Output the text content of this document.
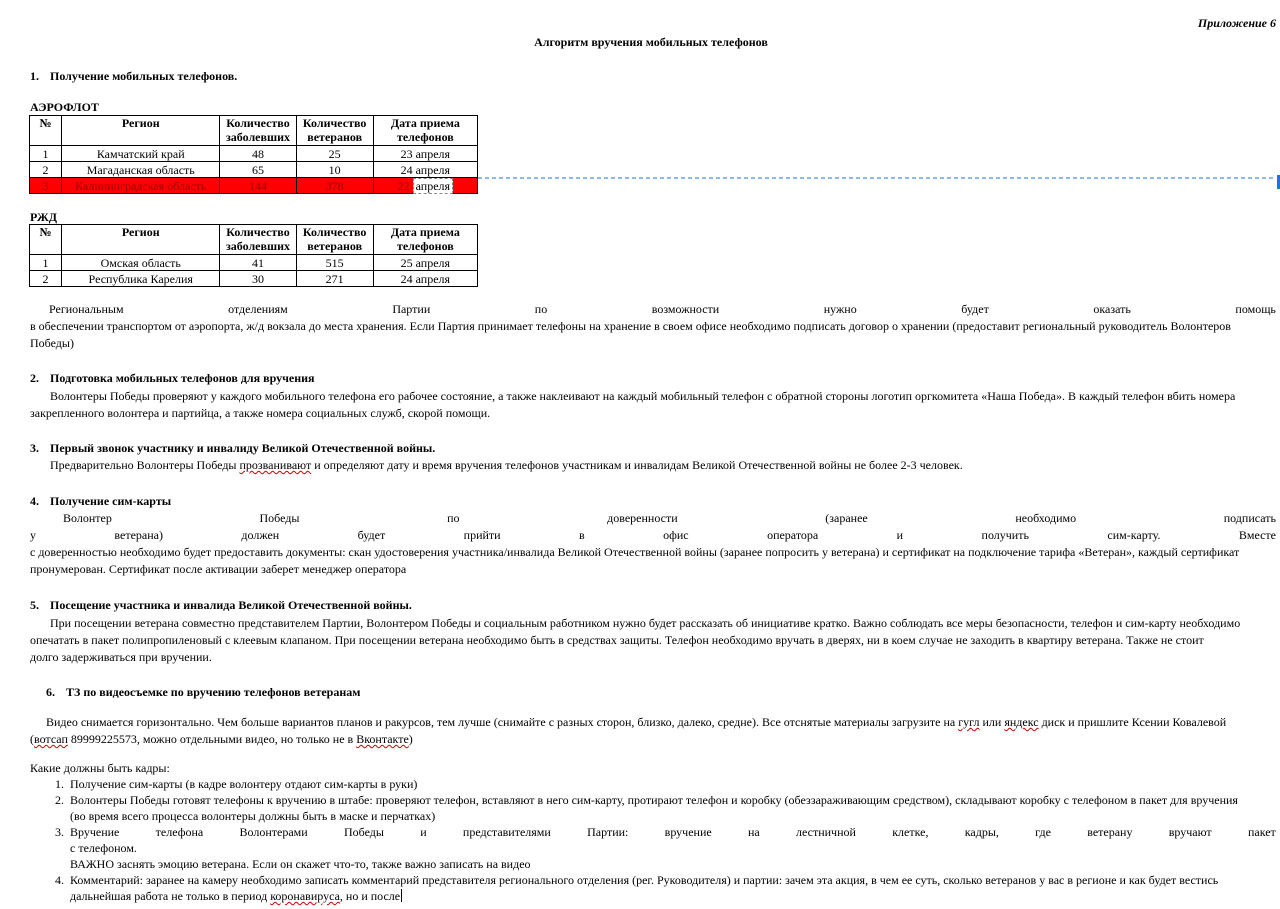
Приложение 6
Алгоритм вручения мобильных телефонов
1. Получение мобильных телефонов.
АЭРОФЛОТ
№	Регион	Количество заболевших	Количество ветеранов	Дата приема телефонов
1	Камчатский край	48	25	23 апреля
2	Магаданская область	65	10	24 апреля
3	Калининградская область	144	378	22 апреля
РЖД
№	Регион	Количество заболевших	Количество ветеранов	Дата приема телефонов
1	Омская область	41	515	25 апреля
2	Республика Карелия	30	271	24 апреля
Региональным	отделениям	Партии	по	возможности	нужно	будет	оказать	помощь
в обеспечении транспортом от аэропорта, ж/д вокзала до места хранения. Если Партия принимает телефоны на хранение в своем офисе необходимо подписать договор о хранении (предоставит региональный руководитель Волонтеров
Победы)
2. Подготовка мобильных телефонов для вручения
Волонтеры Победы проверяют у каждого мобильного телефона его рабочее состояние, а также наклеивают на каждый мобильный телефон с обратной стороны логотип оргкомитета «Наша Победа». В каждый телефон вбить номера
закрепленного волонтера и партийца, а также номера социальных служб, скорой помощи.
3. Первый звонок участнику и инвалиду Великой Отечественной войны.
Предварительно Волонтеры Победы прозванивают и определяют дату и время вручения телефонов участникам и инвалидам Великой Отечественной войны не более 2-3 человек.
4. Получение сим-карты
Волонтер	Победы	по	доверенности	(заранее	необходимо	подписать
у	ветерана)	должен	будет	прийти	в	офис	оператора	и	получить	сим-карту.	Вместе
с доверенностью необходимо будет предоставить документы: скан удостоверения участника/инвалида Великой Отечественной войны (заранее попросить у ветерана) и сертификат на подключение тарифа «Ветеран», каждый сертификат
пронумерован. Сертификат после активации заберет менеджер оператора
5. Посещение участника и инвалида Великой Отечественной войны.
При посещении ветерана совместно представителем Партии, Волонтером Победы и социальным работником нужно будет рассказать об инициативе кратко. Важно соблюдать все меры безопасности, телефон и сим-карту необходимо
опечатать в пакет полипропиленовый с клеевым клапаном. При посещении ветерана необходимо быть в средствах защиты. Телефон необходимо вручать в дверях, ни в коем случае не заходить в квартиру ветерана. Также не стоит
долго задерживаться при вручении.
6. ТЗ по видеосъемке по вручению телефонов ветеранам
Видео снимается горизонтально. Чем больше вариантов планов и ракурсов, тем лучше (снимайте с разных сторон, близко, далеко, средне). Все отснятые материалы загрузите на гугл или яндекс диск и пришлите Ксении Ковалевой
(вотсап 89999225573, можно отдельными видео, но только не в Вконтакте)
Какие должны быть кадры:
1. Получение сим-карты (в кадре волонтеру отдают сим-карты в руки)
2. Волонтеры Победы готовят телефоны к вручению в штабе: проверяют телефон, вставляют в него сим-карту, протирают телефон и коробку (обеззараживающим средством), складывают коробку с телефоном в пакет для вручения
(во время всего процесса волонтеры должны быть в маске и перчатках)
3. Вручение	телефона	Волонтерами	Победы	и	представителями	Партии:	вручение	на	лестничной	клетке,	кадры,	где	ветерану	вручают	пакет
с телефоном.
ВАЖНО заснять эмоцию ветерана. Если он скажет что-то, также важно записать на видео
4. Комментарий: заранее на камеру необходимо записать комментарий представителя регионального отделения (рег. Руководителя) и партии: зачем эта акция, в чем ее суть, сколько ветеранов у вас в регионе и как будет вестись
дальнейшая работа не только в период коронавируса, но и после
